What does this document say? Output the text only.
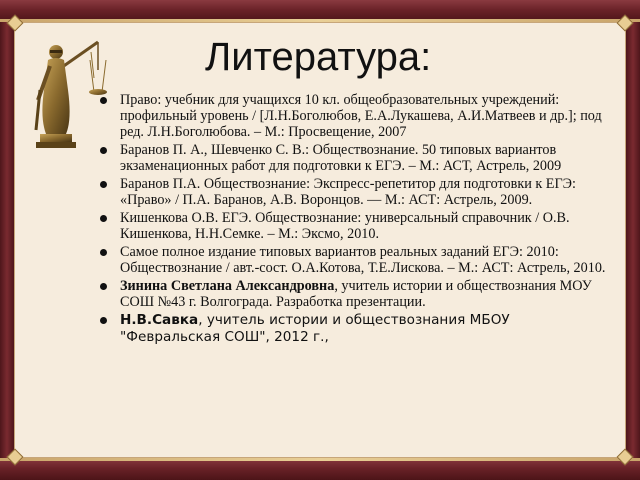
Литература:
Право: учебник для учащихся 10 кл. общеобразовательных учреждений: профильный уровень / [Л.Н.Боголюбов, Е.А.Лукашева, А.И.Матвеев и др.]; под ред. Л.Н.Боголюбова. – М.: Просвещение, 2007
Баранов П. А., Шевченко С. В.: Обществознание. 50 типовых вариантов экзаменационных работ для подготовки к ЕГЭ. – М.: АСТ, Астрель, 2009
Баранов П.А. Обществознание: Экспресс-репетитор для подготовки к ЕГЭ: «Право» / П.А. Баранов, А.В. Воронцов. — М.: АСТ: Астрель, 2009.
Кишенкова О.В. ЕГЭ. Обществознание: универсальный справочник / О.В. Кишенкова, Н.Н.Семке. – М.: Эксмо, 2010.
Самое полное издание типовых вариантов реальных заданий ЕГЭ: 2010: Обществознание / авт.-сост. О.А.Котова, Т.Е.Лискова. – М.: АСТ: Астрель, 2010.
Зинина Светлана Александровна, учитель истории и обществознания МОУ СОШ №43 г. Волгограда. Разработка презентации.
Н.В.Савка, учитель истории и обществознания МБОУ "Февральская СОШ", 2012 г.,
